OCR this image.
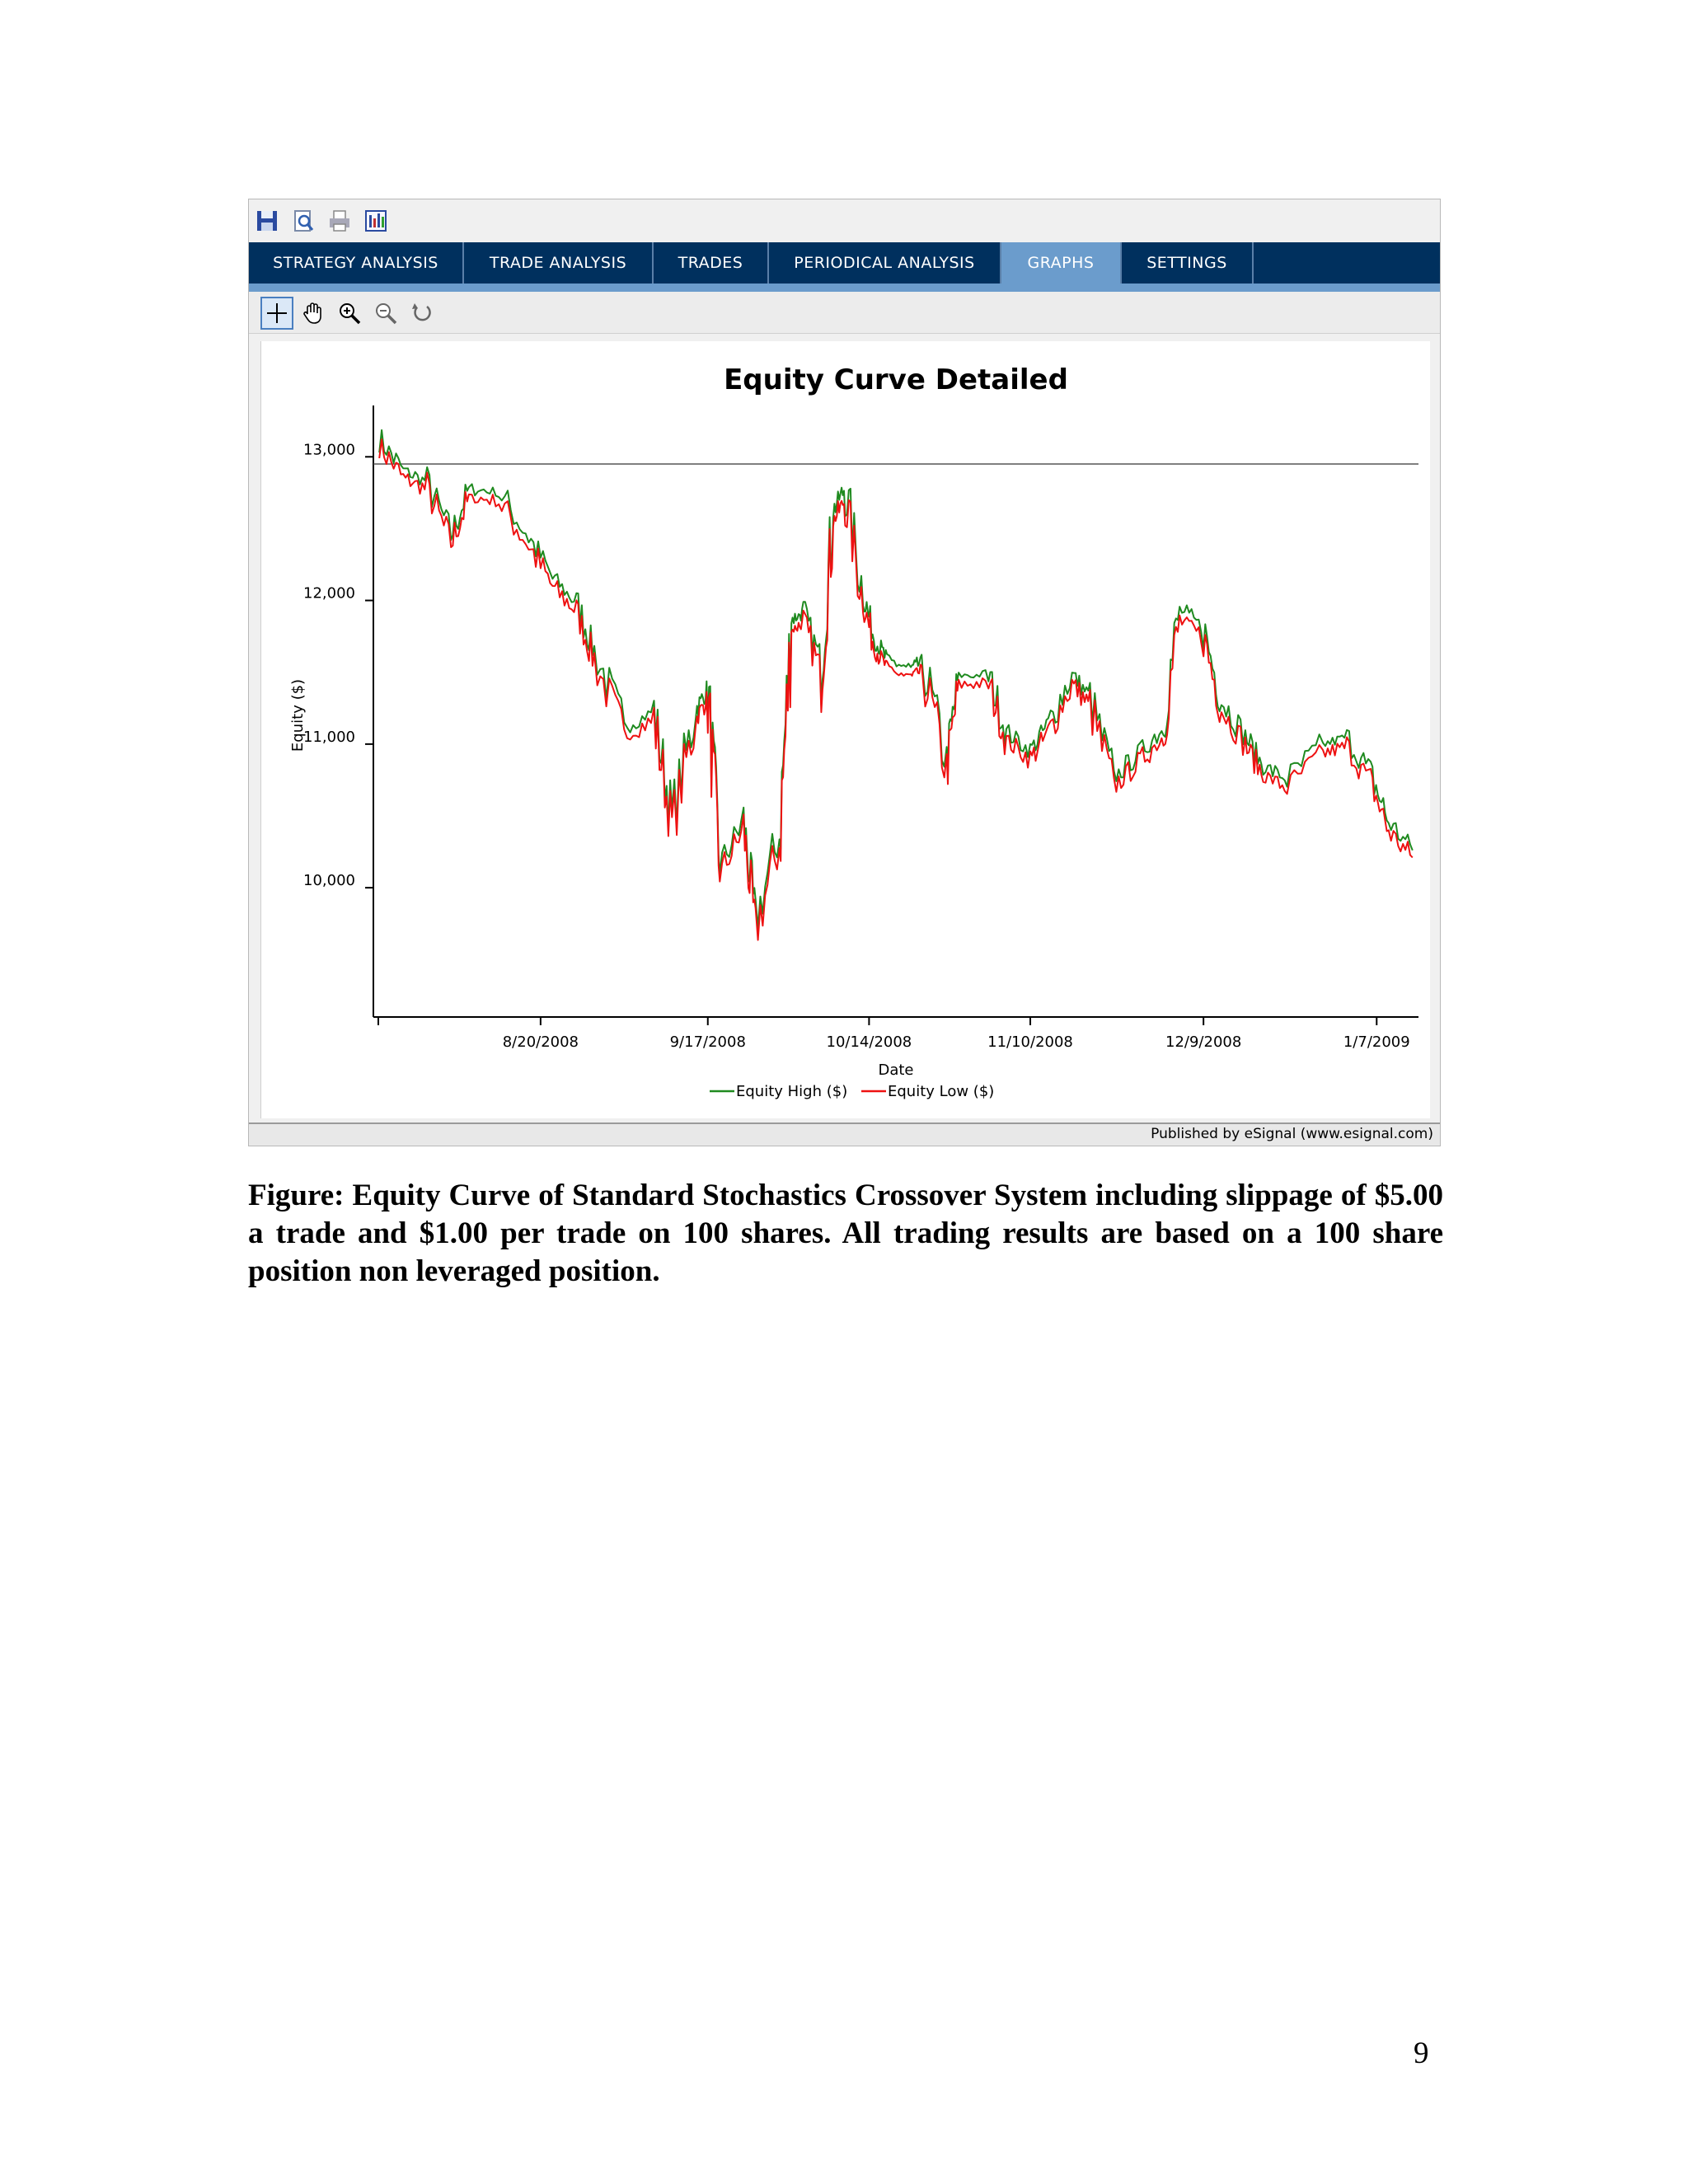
STRATEGY ANALYSIS	TRADE ANALYSIS	TRADES	PERIODICAL ANALYSIS	GRAPHS	SETTINGS
Equity Curve Detailed
10,000
11,000
12,000
13,000
8/20/2008	9/17/2008	10/14/2008	11/10/2008	12/9/2008	1/7/2009
Date
Equity ($)
Equity High ($)	Equity Low ($)
Published by eSignal (www.esignal.com)
Figure: Equity Curve of Standard Stochastics Crossover System including slippage of $5.00 a trade and $1.00 per trade on 100 shares. All trading results are based on a 100 share position non leveraged position.
9
